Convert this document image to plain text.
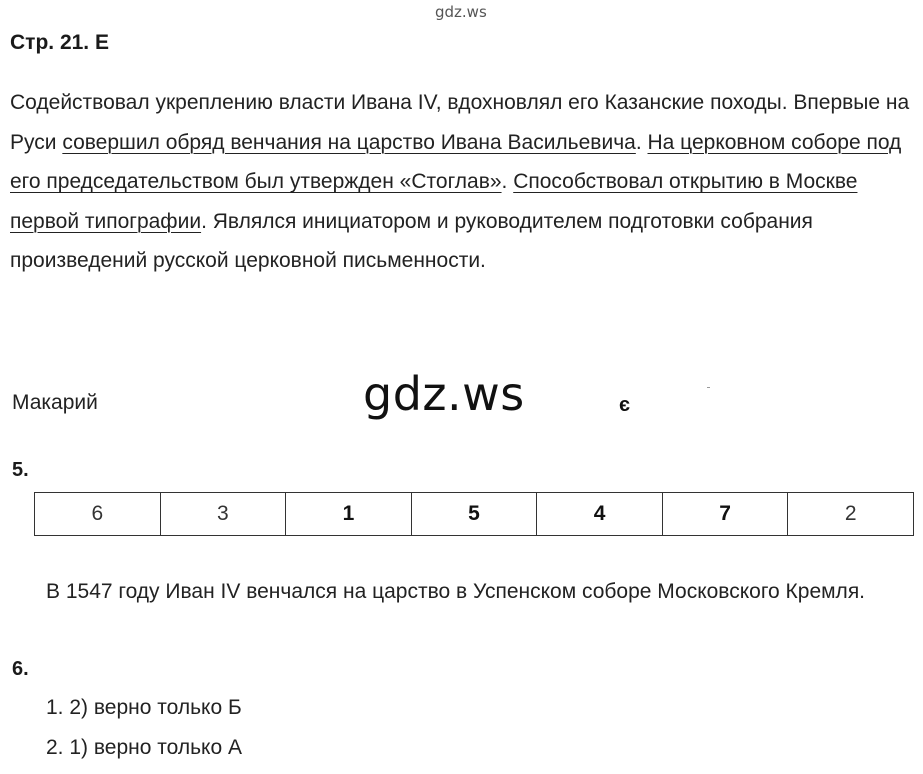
gdz.ws
Стр. 21. Е
Содействовал укреплению власти Ивана IV, вдохновлял его Казанские походы. Впервые на Руси совершил обряд венчания на царство Ивана Васильевича. На церковном соборе под его председательством был утвержден «Стоглав». Способствовал открытию в Москве первой типографии. Являлся инициатором и руководителем подготовки собрания произведений русской церковной письменности.
Макарий	gdz.ws	є
5.
6	3	1	5	4	7	2
В 1547 году Иван IV венчался на царство в Успенском соборе Московского Кремля.
6.
1. 2) верно только Б
2. 1) верно только А
